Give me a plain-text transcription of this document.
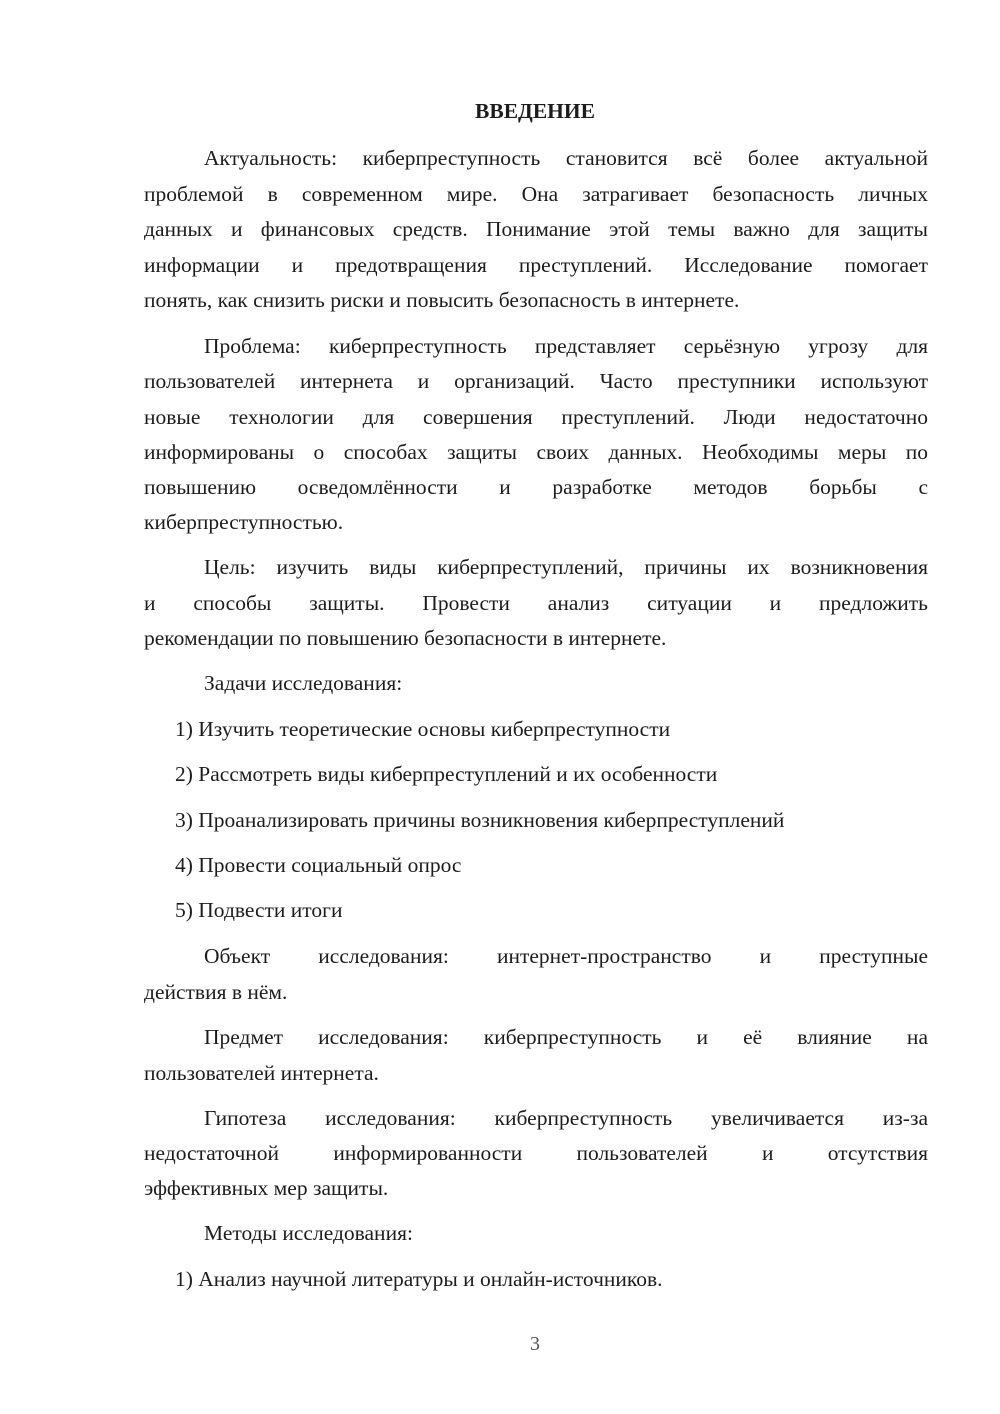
ВВЕДЕНИЕ
Актуальность: киберпреступность становится всё более актуальной
проблемой в современном мире. Она затрагивает безопасность личных
данных и финансовых средств. Понимание этой темы важно для защиты
информации и предотвращения преступлений. Исследование помогает
понять, как снизить риски и повысить безопасность в интернете.
Проблема: киберпреступность представляет серьёзную угрозу для
пользователей интернета и организаций. Часто преступники используют
новые технологии для совершения преступлений. Люди недостаточно
информированы о способах защиты своих данных. Необходимы меры по
повышению осведомлённости и разработке методов борьбы с
киберпреступностью.
Цель: изучить виды киберпреступлений, причины их возникновения
и способы защиты. Провести анализ ситуации и предложить
рекомендации по повышению безопасности в интернете.
Задачи исследования:
1) Изучить теоретические основы киберпреступности
2) Рассмотреть виды киберпреступлений и их особенности
3) Проанализировать причины возникновения киберпреступлений
4) Провести социальный опрос
5) Подвести итоги
Объект исследования: интернет-пространство и преступные
действия в нём.
Предмет исследования: киберпреступность и её влияние на
пользователей интернета.
Гипотеза исследования: киберпреступность увеличивается из-за
недостаточной информированности пользователей и отсутствия
эффективных мер защиты.
Методы исследования:
1) Анализ научной литературы и онлайн-источников.
3
